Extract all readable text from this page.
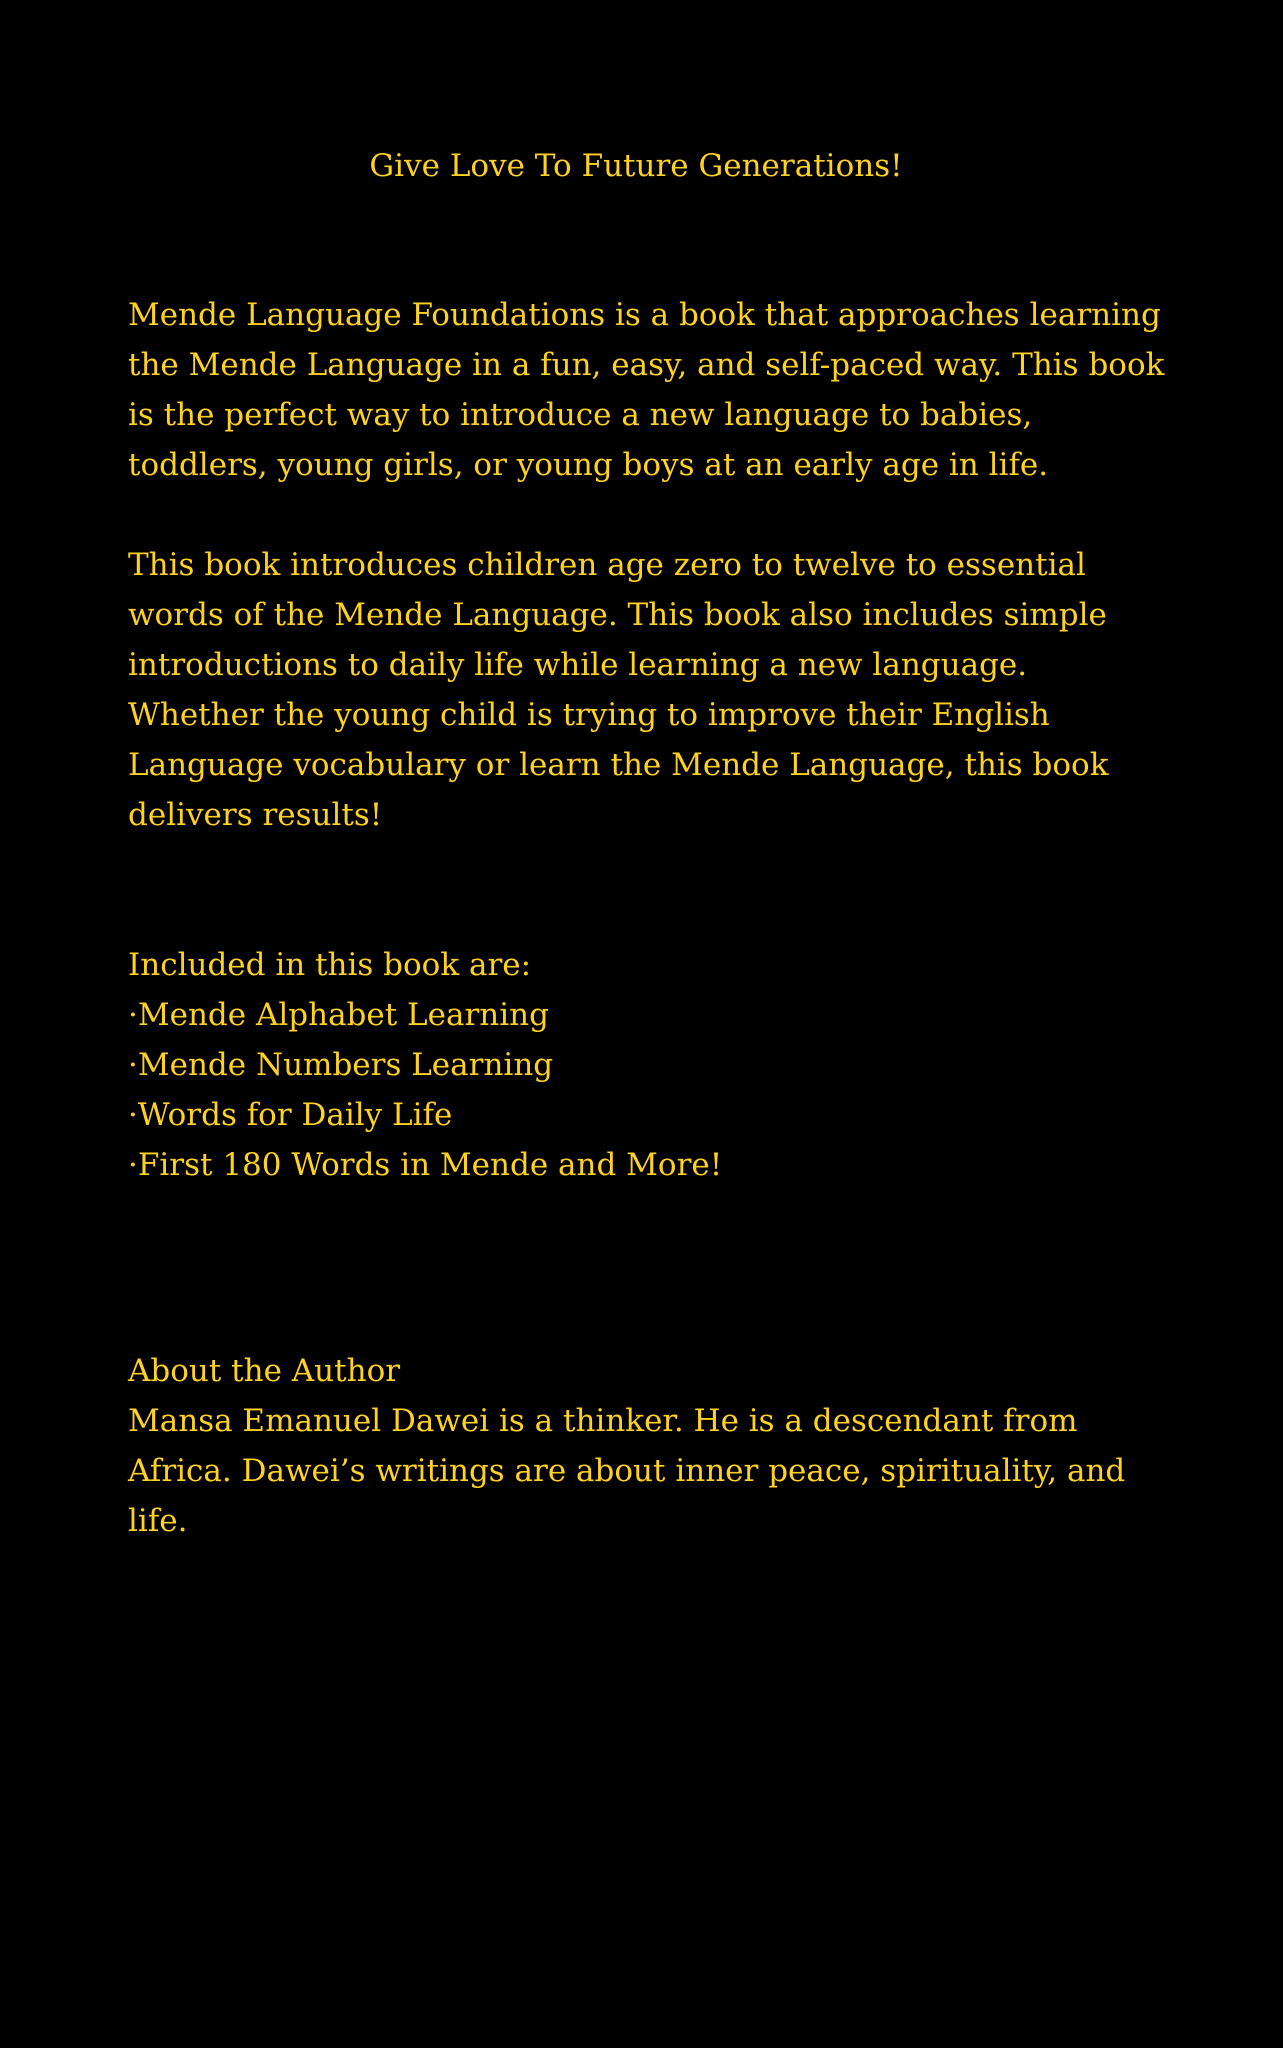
Give Love To Future Generations!

Mende Language Foundations is a book that approaches learning the Mende Language in a fun, easy, and self-paced way. This book is the perfect way to introduce a new language to babies, toddlers, young girls, or young boys at an early age in life.

This book introduces children age zero to twelve to essential words of the Mende Language. This book also includes simple introductions to daily life while learning a new language. Whether the young child is trying to improve their English Language vocabulary or learn the Mende Language, this book delivers results!

Included in this book are:

·Mende Alphabet Learning
·Mende Numbers Learning
·Words for Daily Life
·First 180 Words in Mende and More!

About the Author

Mansa Emanuel Dawei is a thinker. He is a descendant from Africa. Dawei’s writings are about inner peace, spirituality, and life.
